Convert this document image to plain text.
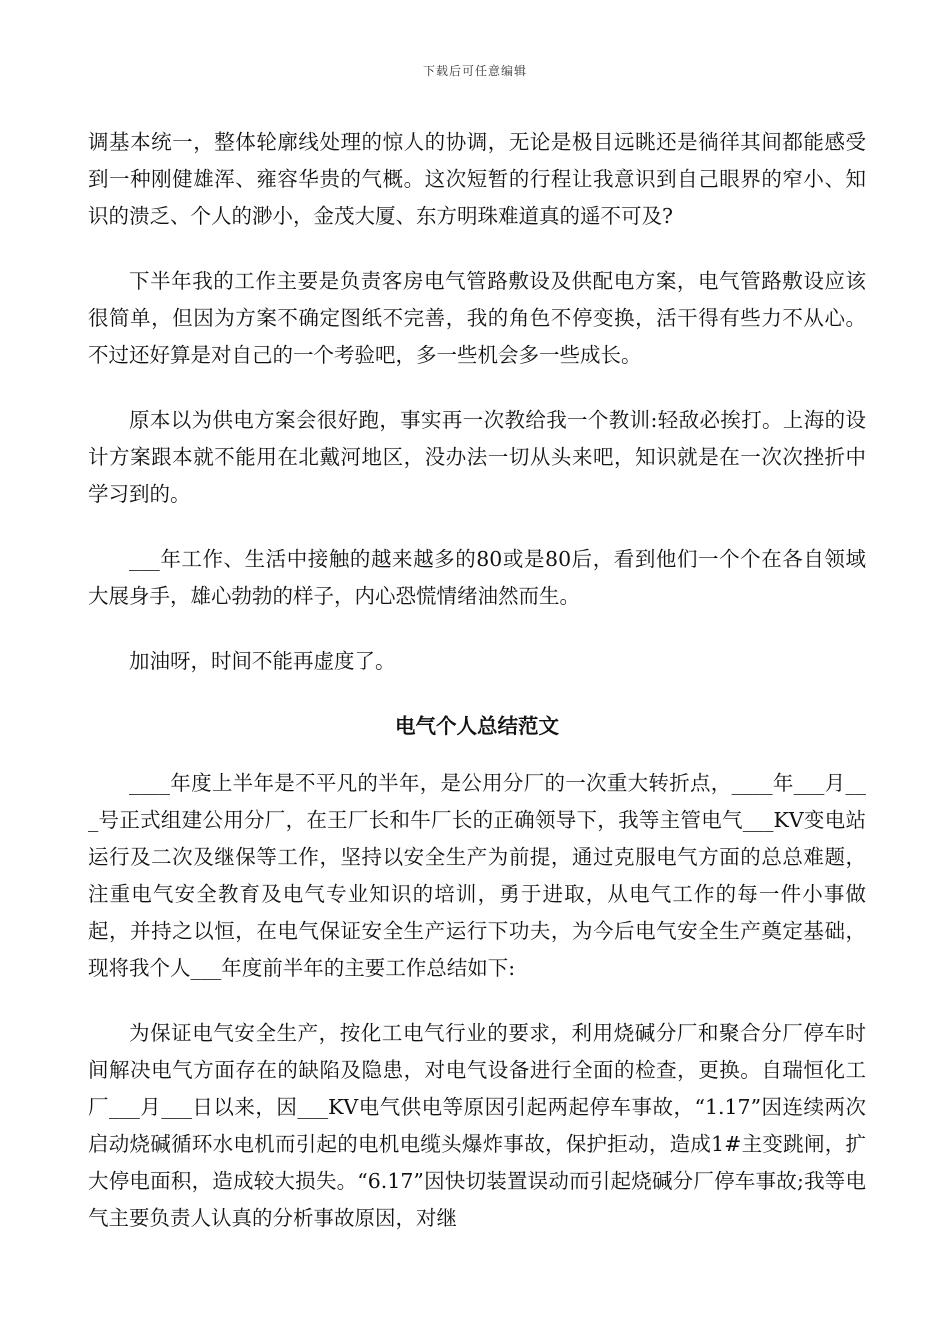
下载后可任意编辑

调基本统一，整体轮廓线处理的惊人的协调，无论是极目远眺还是徜徉其间都能感受到一种刚健雄浑、雍容华贵的气概。这次短暂的行程让我意识到自己眼界的窄小、知识的溃乏、个人的渺小，金茂大厦、东方明珠难道真的遥不可及?

下半年我的工作主要是负责客房电气管路敷设及供配电方案，电气管路敷设应该很简单，但因为方案不确定图纸不完善，我的角色不停变换，活干得有些力不从心。不过还好算是对自己的一个考验吧，多一些机会多一些成长。

原本以为供电方案会很好跑，事实再一次教给我一个教训:轻敌必挨打。上海的设计方案跟本就不能用在北戴河地区，没办法一切从头来吧，知识就是在一次次挫折中学习到的。

___年工作、生活中接触的越来越多的80或是80后，看到他们一个个在各自领域大展身手，雄心勃勃的样子，内心恐慌情绪油然而生。

加油呀，时间不能再虚度了。

电气个人总结范文

____年度上半年是不平凡的半年，是公用分厂的一次重大转折点，____年___月___号正式组建公用分厂，在王厂长和牛厂长的正确领导下，我等主管电气___KV变电站运行及二次及继保等工作，坚持以安全生产为前提，通过克服电气方面的总总难题，注重电气安全教育及电气专业知识的培训，勇于进取，从电气工作的每一件小事做起，并持之以恒，在电气保证安全生产运行下功夫，为今后电气安全生产奠定基础，现将我个人___年度前半年的主要工作总结如下:

为保证电气安全生产，按化工电气行业的要求，利用烧碱分厂和聚合分厂停车时间解决电气方面存在的缺陷及隐患，对电气设备进行全面的检查，更换。自瑞恒化工厂___月___日以来，因___KV电气供电等原因引起两起停车事故，“1.17”因连续两次启动烧碱循环水电机而引起的电机电缆头爆炸事故，保护拒动，造成1#主变跳闸，扩大停电面积，造成较大损失。“6.17”因快切装置误动而引起烧碱分厂停车事故;我等电气主要负责人认真的分析事故原因，对继
